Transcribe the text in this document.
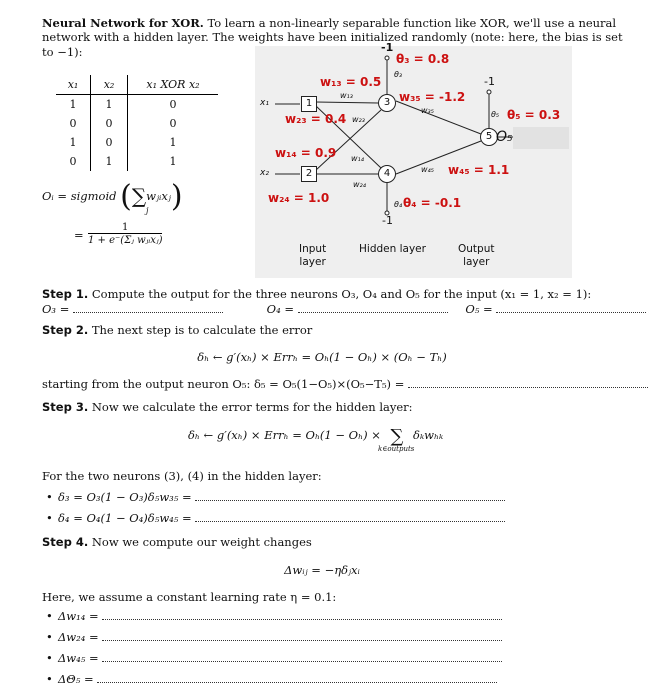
Neural Network for XOR. To learn a non-linearly separable function like XOR, we'll use a neural network with a hidden layer. The weights have been initialized randomly (note: here, the bias is set to −1):
x₁	x₂	x₁ XOR x₂
1	1	0
0	0	0
1	0	1
0	1	1
Oᵢ = sigmoid (∑wⱼᵢxⱼ)
j
=
1
1 + e⁻(Σⱼ wⱼᵢxⱼ)
1
2
3
4
5 O₅
x₁
x₂
-1
-1
-1
θ₃ = 0.8
w₁₃ = 0.5
w₃₅ = -1.2
w₂₃ = 0.4	θ₅ = 0.3
w₁₄ = 0.9
w₄₅ = 1.1
w₂₄ = 1.0	θ₄ = -0.1
w₁₃
w₂₃
w₁₄
w₂₄
w₃₅
w₄₅
θ₃
θ₅
θ₄
Input
layer
Hidden layer	Output
layer
Step 1. Compute the output for the three neurons O₃, O₄ and O₅ for the input (x₁ = 1, x₂ = 1):
O₃ =	O₄ =	O₅ =
Step 2. The next step is to calculate the error
δₕ ← g′(xₕ) × Errₕ = Oₕ(1 − Oₕ) × (Oₕ − Tₕ)
starting from the output neuron O₅: δ₅ = O₅(1−O₅)×(O₅−T₅) =
Step 3. Now we calculate the error terms for the hidden layer:
δₕ ← g′(xₕ) × Errₕ = Oₕ(1 − Oₕ) × ∑ δₖwₕₖ
k∈outputs
For the two neurons (3), (4) in the hidden layer:
• δ₃ = O₃(1 − O₃)δ₅w₃₅ =
• δ₄ = O₄(1 − O₄)δ₅w₄₅ =
Step 4. Now we compute our weight changes
Δwᵢⱼ = −ηδⱼxᵢ
Here, we assume a constant learning rate η = 0.1:
• Δw₁₄ =
• Δw₂₄ =
• Δw₄₅ =
• ΔΘ₅ =
